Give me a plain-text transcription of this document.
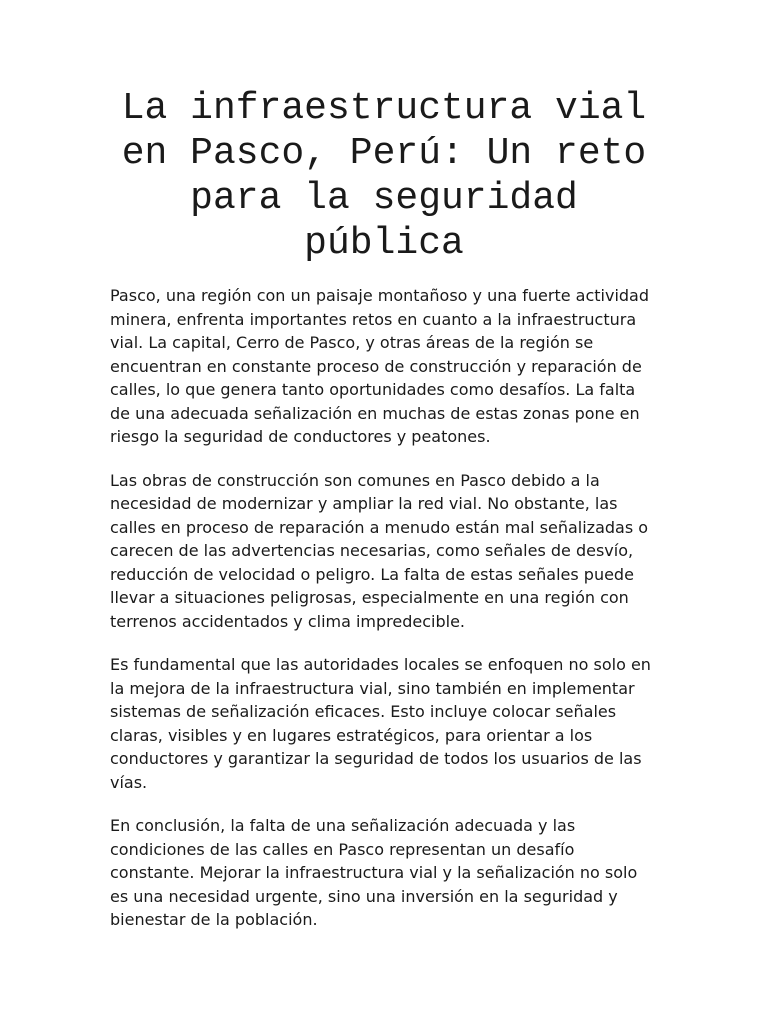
La infraestructura vial en Pasco, Perú: Un reto para la seguridad pública

Pasco, una región con un paisaje montañoso y una fuerte actividad minera, enfrenta importantes retos en cuanto a la infraestructura vial. La capital, Cerro de Pasco, y otras áreas de la región se encuentran en constante proceso de construcción y reparación de calles, lo que genera tanto oportunidades como desafíos. La falta de una adecuada señalización en muchas de estas zonas pone en riesgo la seguridad de conductores y peatones.

Las obras de construcción son comunes en Pasco debido a la necesidad de modernizar y ampliar la red vial. No obstante, las calles en proceso de reparación a menudo están mal señalizadas o carecen de las advertencias necesarias, como señales de desvío, reducción de velocidad o peligro. La falta de estas señales puede llevar a situaciones peligrosas, especialmente en una región con terrenos accidentados y clima impredecible.

Es fundamental que las autoridades locales se enfoquen no solo en la mejora de la infraestructura vial, sino también en implementar sistemas de señalización eficaces. Esto incluye colocar señales claras, visibles y en lugares estratégicos, para orientar a los conductores y garantizar la seguridad de todos los usuarios de las vías.

En conclusión, la falta de una señalización adecuada y las condiciones de las calles en Pasco representan un desafío constante. Mejorar la infraestructura vial y la señalización no solo es una necesidad urgente, sino una inversión en la seguridad y bienestar de la población.
